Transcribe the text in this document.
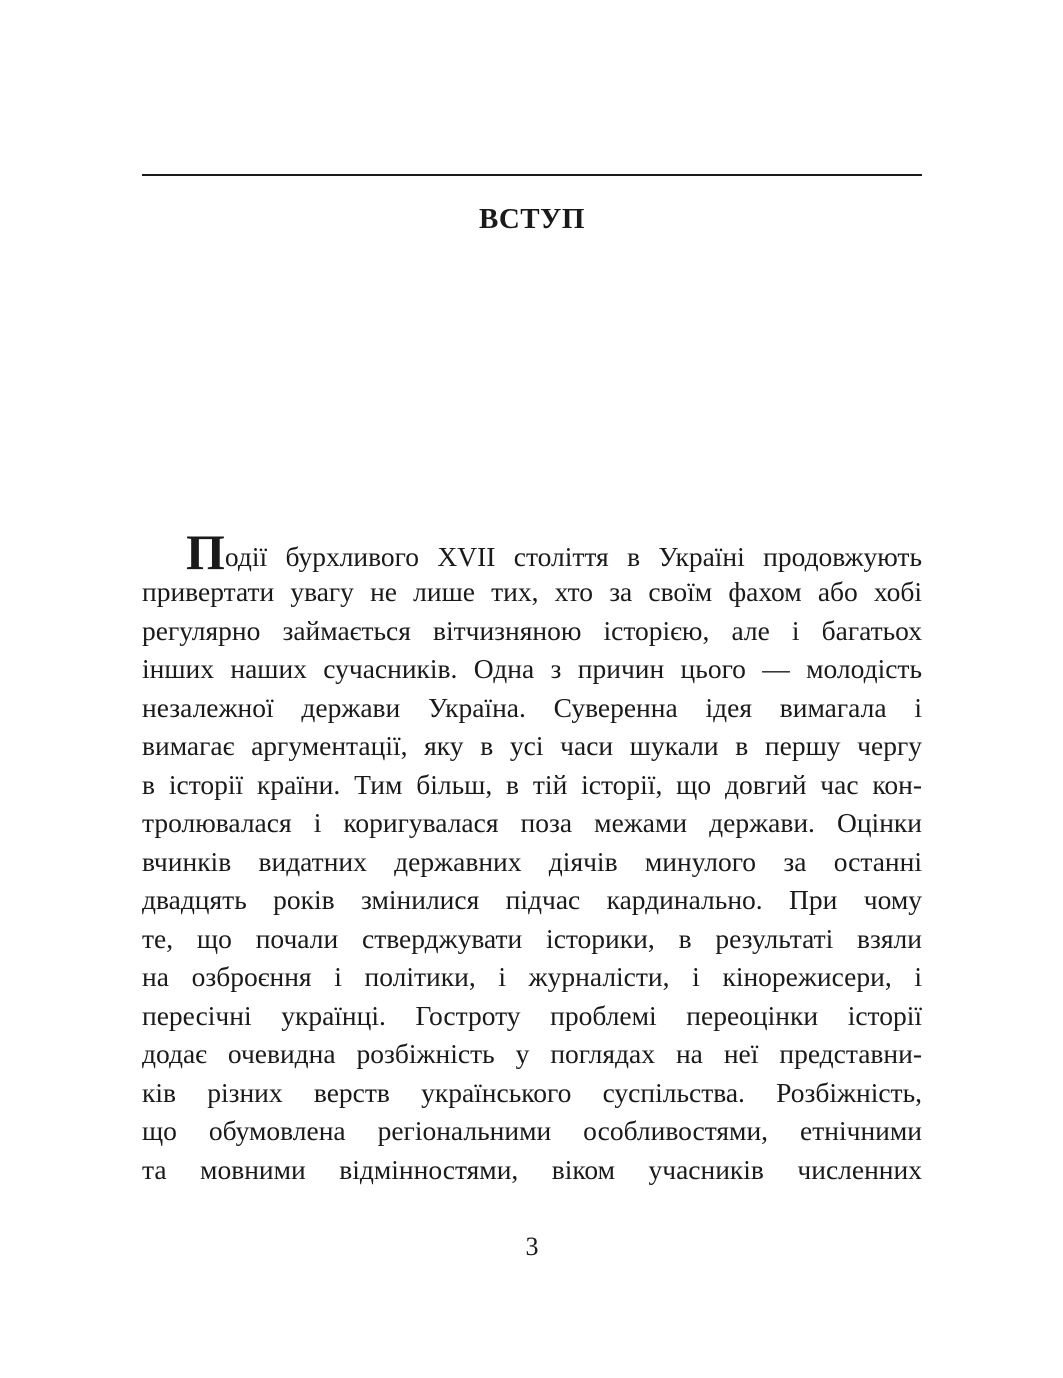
ВСТУП
Події бурхливого XVII століття в Україні продовжують
привертати увагу не лише тих, хто за своїм фахом або хобі
регулярно займається вітчизняною історією, але і багатьох
інших наших сучасників. Одна з причин цього — молодість
незалежної держави Україна. Суверенна ідея вимагала і
вимагає аргументації, яку в усі часи шукали в першу чергу
в історії країни. Тим більш, в тій історії, що довгий час кон-
тролювалася і коригувалася поза межами держави. Оцінки
вчинків видатних державних діячів минулого за останні
двадцять років змінилися підчас кардинально. При чому
те, що почали стверджувати історики, в результаті взяли
на озброєння і політики, і журналісти, і кінорежисери, і
пересічні українці. Гостроту проблемі переоцінки історії
додає очевидна розбіжність у поглядах на неї представни-
ків різних верств українського суспільства. Розбіжність,
що обумовлена регіональними особливостями, етнічними
та мовними відмінностями, віком учасників численних
3
